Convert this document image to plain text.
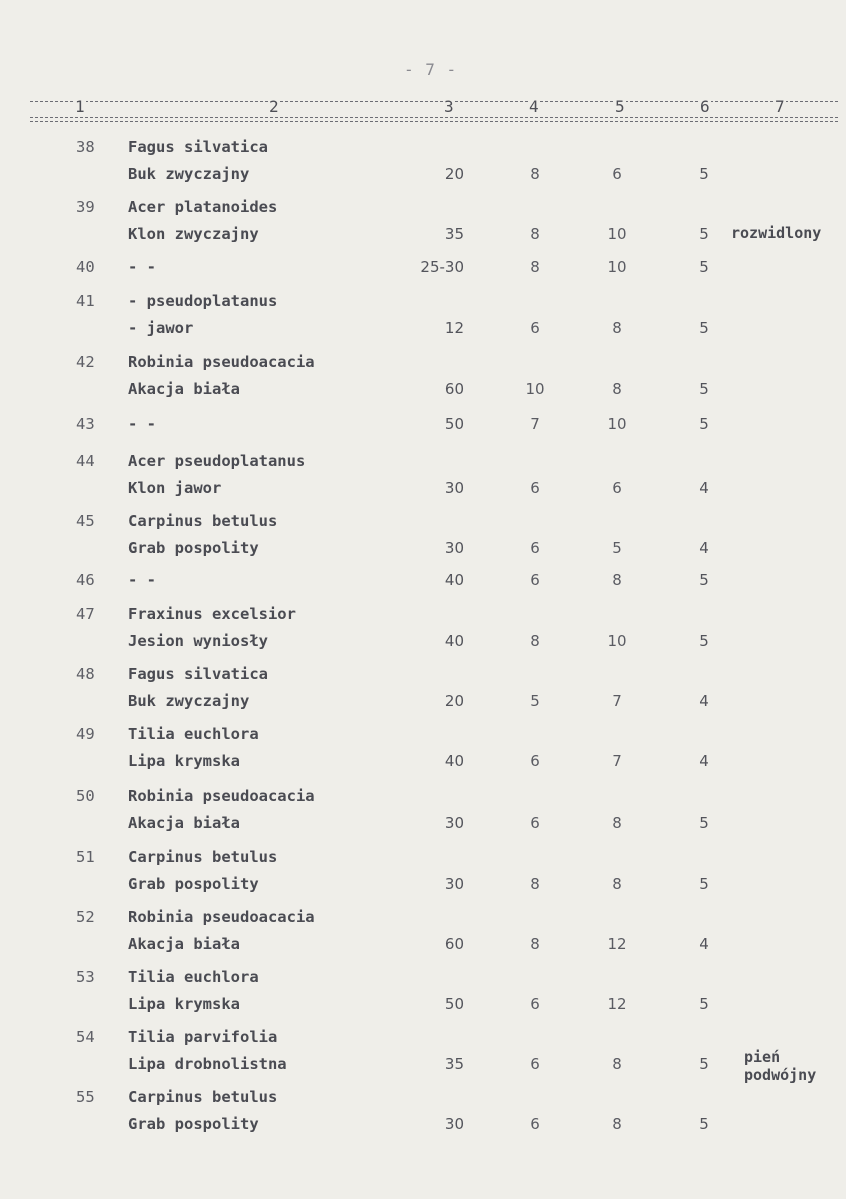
- 7 -
1	2	3	4	5	6	7
38	Fagus silvatica
Buk zwyczajny	20	8	6	5
39	Acer platanoides
Klon zwyczajny	35	8	10	5	rozwidlony
40	- -	25-30	8	10	5
41	- pseudoplatanus
- jawor	12	6	8	5
42	Robinia pseudoacacia
Akacja biała	60	10	8	5
43	- -	50	7	10	5
44	Acer pseudoplatanus
Klon jawor	30	6	6	4
45	Carpinus betulus
Grab pospolity	30	6	5	4
46	- -	40	6	8	5
47	Fraxinus excelsior
Jesion wyniosły	40	8	10	5
48	Fagus silvatica
Buk zwyczajny	20	5	7	4
49	Tilia euchlora
Lipa krymska	40	6	7	4
50	Robinia pseudoacacia
Akacja biała	30	6	8	5
51	Carpinus betulus
Grab pospolity	30	8	8	5
52	Robinia pseudoacacia
Akacja biała	60	8	12	4
53	Tilia euchlora
Lipa krymska	50	6	12	5
54	Tilia parvifolia
Lipa drobnolistna	35	6	8	5	pień
podwójny
55	Carpinus betulus
Grab pospolity	30	6	8	5
